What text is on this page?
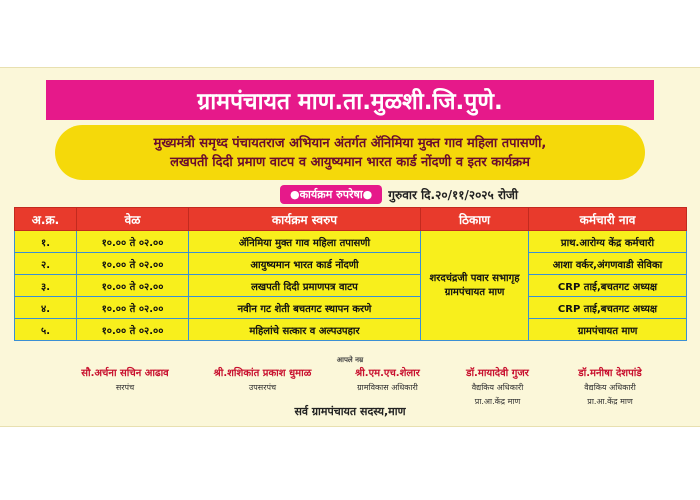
ग्रामपंचायत माण.ता.मुळशी.जि.पुणे.
मुख्यमंत्री समृध्द पंचायतराज अभियान अंतर्गत ॲनिमिया मुक्त गाव महिला तपासणी,
लखपती दिदी प्रमाण वाटप व आयुष्यमान भारत कार्ड नोंदणी व इतर कार्यक्रम
●कार्यक्रम रुपरेषा●	गुरुवार दि.२०/११/२०२५ रोजी
अ.क्र.	वेळ	कार्यक्रम स्वरुप	ठिकाण	कर्मचारी नाव
१.	१०.०० ते ०२.००	ॲनिमिया मुक्त गाव महिला तपासणी	शरदचंद्रजी पवार सभागृह ग्रामपंचायत माण	प्राथ.आरोग्य केंद्र कर्मचारी
२.	१०.०० ते ०२.००	आयुष्यमान भारत कार्ड नोंदणी		आशा वर्कर,अंगणवाडी सेविका
३.	१०.०० ते ०२.००	लखपती दिदी प्रमाणपत्र वाटप		CRP ताई,बचतगट अध्यक्ष
४.	१०.०० ते ०२.००	नवीन गट शेती बचतगट स्थापन करणे		CRP ताई,बचतगट अध्यक्ष
५.	१०.०० ते ०२.००	महिलांचे सत्कार व अल्पउपहार		ग्रामपंचायत माण
आपले नम्र
सौ.अर्चना सचिन आढाव
सरपंच
श्री.शशिकांत प्रकाश धुमाळ
उपसरपंच
श्री.एम.एच.शेलार
ग्रामविकास अधिकारी
डॉ.मायादेवी गुजर
वैद्यकिय अधिकारी
प्रा.आ.केंद्र माण
डॉ.मनीषा देशपांडे
वैद्यकिय अधिकारी
प्रा.आ.केंद्र माण
सर्व ग्रामपंचायत सदस्य,माण
